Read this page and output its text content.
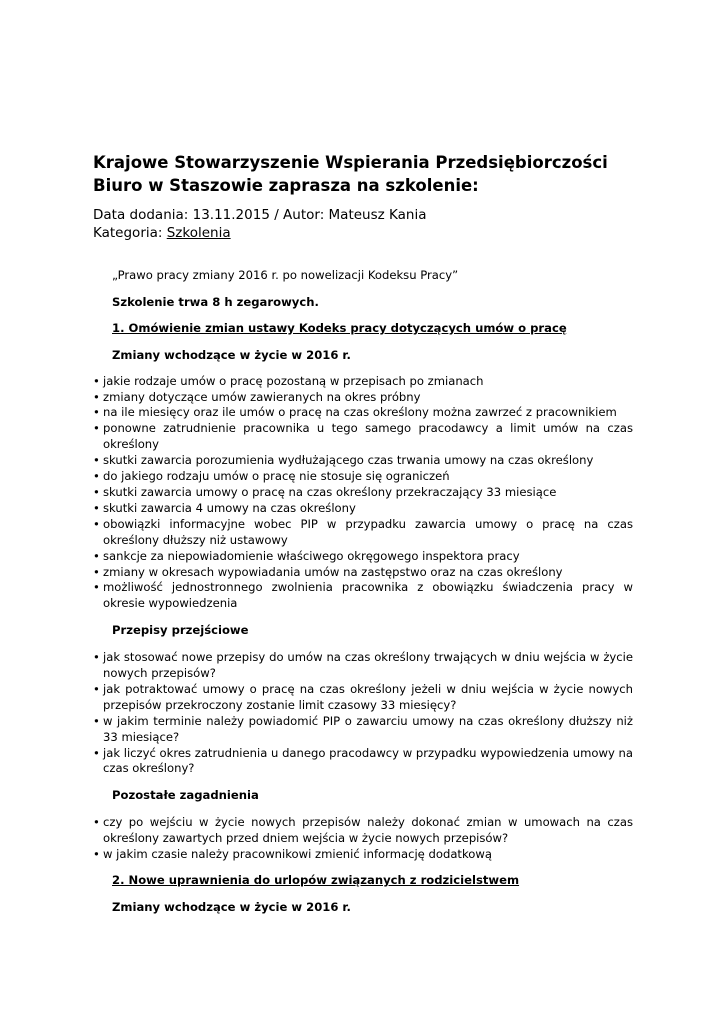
Krajowe Stowarzyszenie Wspierania Przedsiębiorczości Biuro w Staszowie zaprasza na szkolenie:
Data dodania: 13.11.2015 / Autor: Mateusz Kania
Kategoria: Szkolenia

„Prawo pracy zmiany 2016 r. po nowelizacji Kodeksu Pracy”

Szkolenie trwa 8 h zegarowych.

1. Omówienie zmian ustawy Kodeks pracy dotyczących umów o pracę

Zmiany wchodzące w życie w 2016 r.

• jakie rodzaje umów o pracę pozostaną w przepisach po zmianach
• zmiany dotyczące umów zawieranych na okres próbny
• na ile miesięcy oraz ile umów o pracę na czas określony można zawrzeć z pracownikiem
• ponowne zatrudnienie pracownika u tego samego pracodawcy a limit umów na czas określony
• skutki zawarcia porozumienia wydłużającego czas trwania umowy na czas określony
• do jakiego rodzaju umów o pracę nie stosuje się ograniczeń
• skutki zawarcia umowy o pracę na czas określony przekraczający 33 miesiące
• skutki zawarcia 4 umowy na czas określony
• obowiązki informacyjne wobec PIP w przypadku zawarcia umowy o pracę na czas określony dłuższy niż ustawowy
• sankcje za niepowiadomienie właściwego okręgowego inspektora pracy
• zmiany w okresach wypowiadania umów na zastępstwo oraz na czas określony
• możliwość jednostronnego zwolnienia pracownika z obowiązku świadczenia pracy w okresie wypowiedzenia

Przepisy przejściowe

• jak stosować nowe przepisy do umów na czas określony trwających w dniu wejścia w życie nowych przepisów?
• jak potraktować umowy o pracę na czas określony jeżeli w dniu wejścia w życie nowych przepisów przekroczony zostanie limit czasowy 33 miesięcy?
• w jakim terminie należy powiadomić PIP o zawarciu umowy na czas określony dłuższy niż 33 miesiące?
• jak liczyć okres zatrudnienia u danego pracodawcy w przypadku wypowiedzenia umowy na czas określony?

Pozostałe zagadnienia

• czy po wejściu w życie nowych przepisów należy dokonać zmian w umowach na czas określony zawartych przed dniem wejścia w życie nowych przepisów?
• w jakim czasie należy pracownikowi zmienić informację dodatkową

2. Nowe uprawnienia do urlopów związanych z rodzicielstwem

Zmiany wchodzące w życie w 2016 r.
